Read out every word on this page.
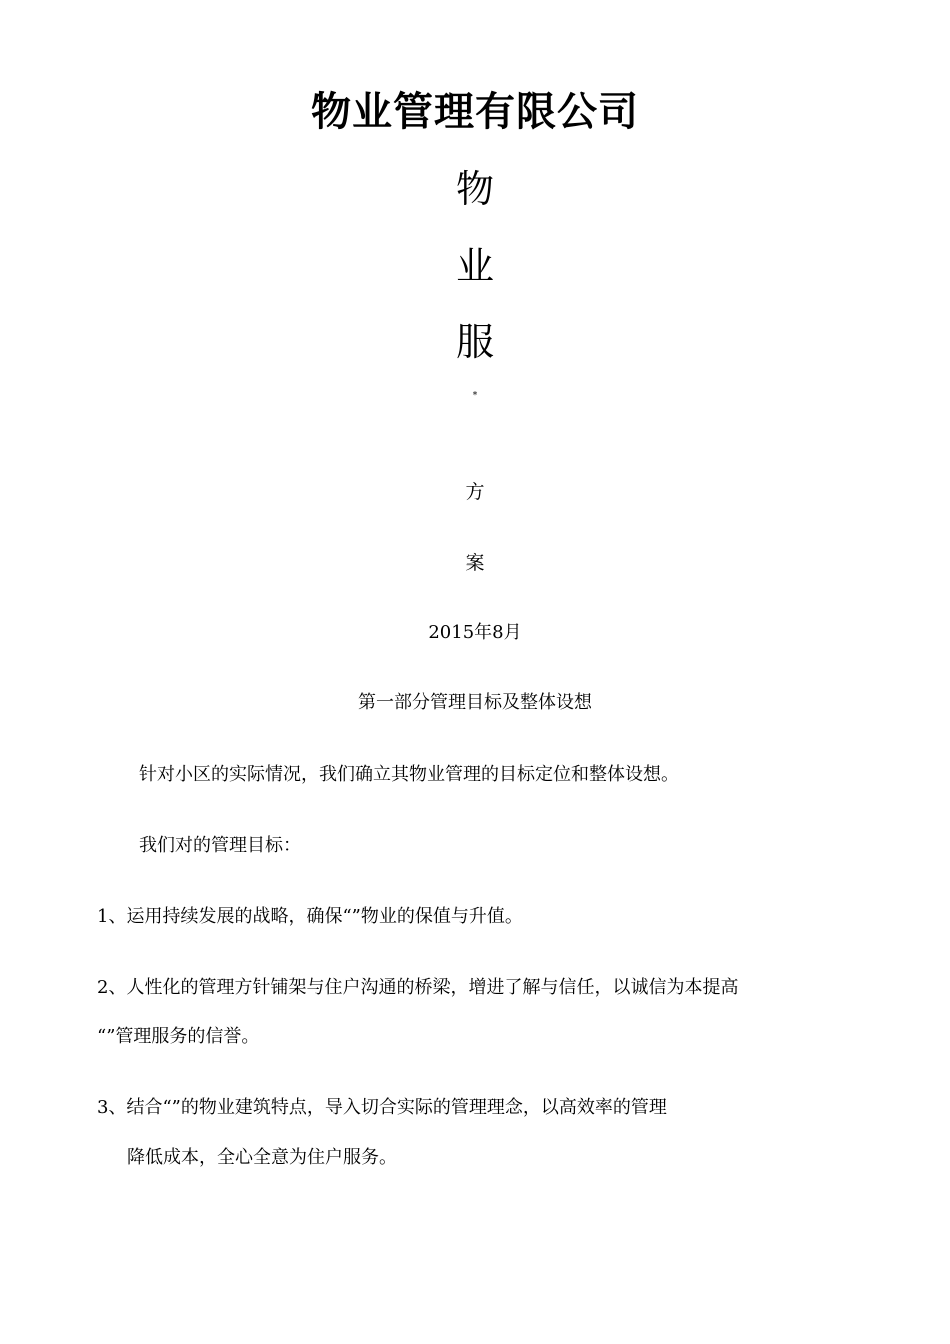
物业管理有限公司
物
业
服
*
方
案
2015年8月
第一部分管理目标及整体设想

针对小区的实际情况，我们确立其物业管理的目标定位和整体设想。

我们对的管理目标：

1、运用持续发展的战略，确保“”物业的保值与升值。

2、人性化的管理方针铺架与住户沟通的桥梁，增进了解与信任，以诚信为本提高

“”管理服务的信誉。

3、结合“”的物业建筑特点，导入切合实际的管理理念，以高效率的管理

降低成本，全心全意为住户服务。
